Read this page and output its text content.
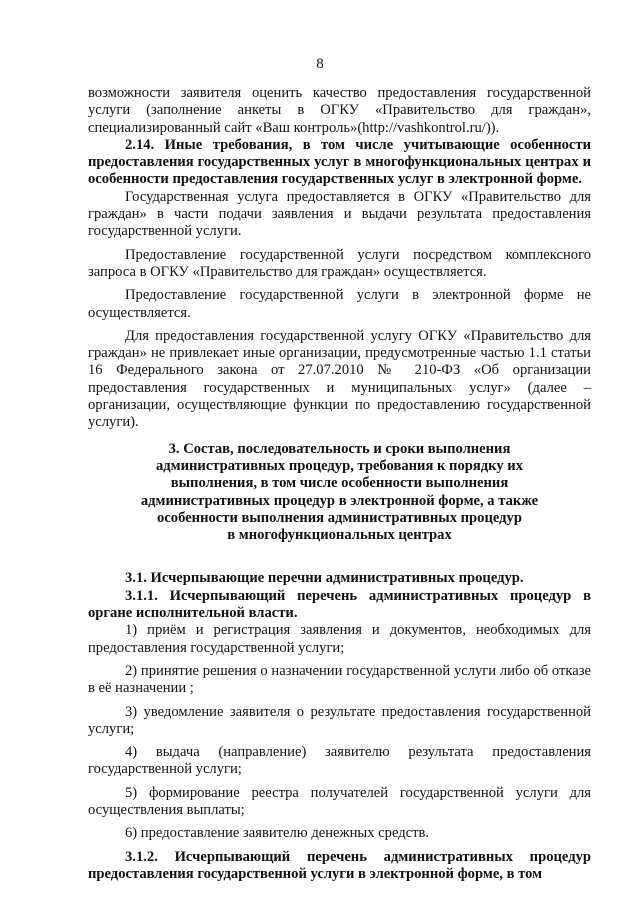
8

возможности заявителя оценить качество предоставления государственной услуги (заполнение анкеты в ОГКУ «Правительство для граждан», специализированный сайт «Ваш контроль»(http://vashkontrol.ru/)).

2.14. Иные требования, в том числе учитывающие особенности предоставления государственных услуг в многофункциональных центрах и особенности предоставления государственных услуг в электронной форме.

Государственная услуга предоставляется в ОГКУ «Правительство для граждан» в части подачи заявления и выдачи результата предоставления государственной услуги.

Предоставление государственной услуги посредством комплексного запроса в ОГКУ «Правительство для граждан» осуществляется.

Предоставление государственной услуги в электронной форме не осуществляется.

Для предоставления государственной услугу ОГКУ «Правительство для граждан» не привлекает иные организации, предусмотренные частью 1.1 статьи 16 Федерального закона от 27.07.2010 № 210-ФЗ «Об организации предоставления государственных и муниципальных услуг» (далее – организации, осуществляющие функции по предоставлению государственной услуги).

3. Состав, последовательность и сроки выполнения
административных процедур, требования к порядку их
выполнения, в том числе особенности выполнения
административных процедур в электронной форме, а также
особенности выполнения административных процедур
в многофункциональных центрах

3.1. Исчерпывающие перечни административных процедур.

3.1.1. Исчерпывающий перечень административных процедур в органе исполнительной власти.

1) приём и регистрация заявления и документов, необходимых для предоставления государственной услуги;

2) принятие решения о назначении государственной услуги либо об отказе в её назначении ;

3) уведомление заявителя о результате предоставления государственной услуги;

4) выдача (направление) заявителю результата предоставления государственной услуги;

5) формирование реестра получателей государственной услуги для осуществления выплаты;

6) предоставление заявителю денежных средств.

3.1.2. Исчерпывающий перечень административных процедур предоставления государственной услуги в электронной форме, в том
